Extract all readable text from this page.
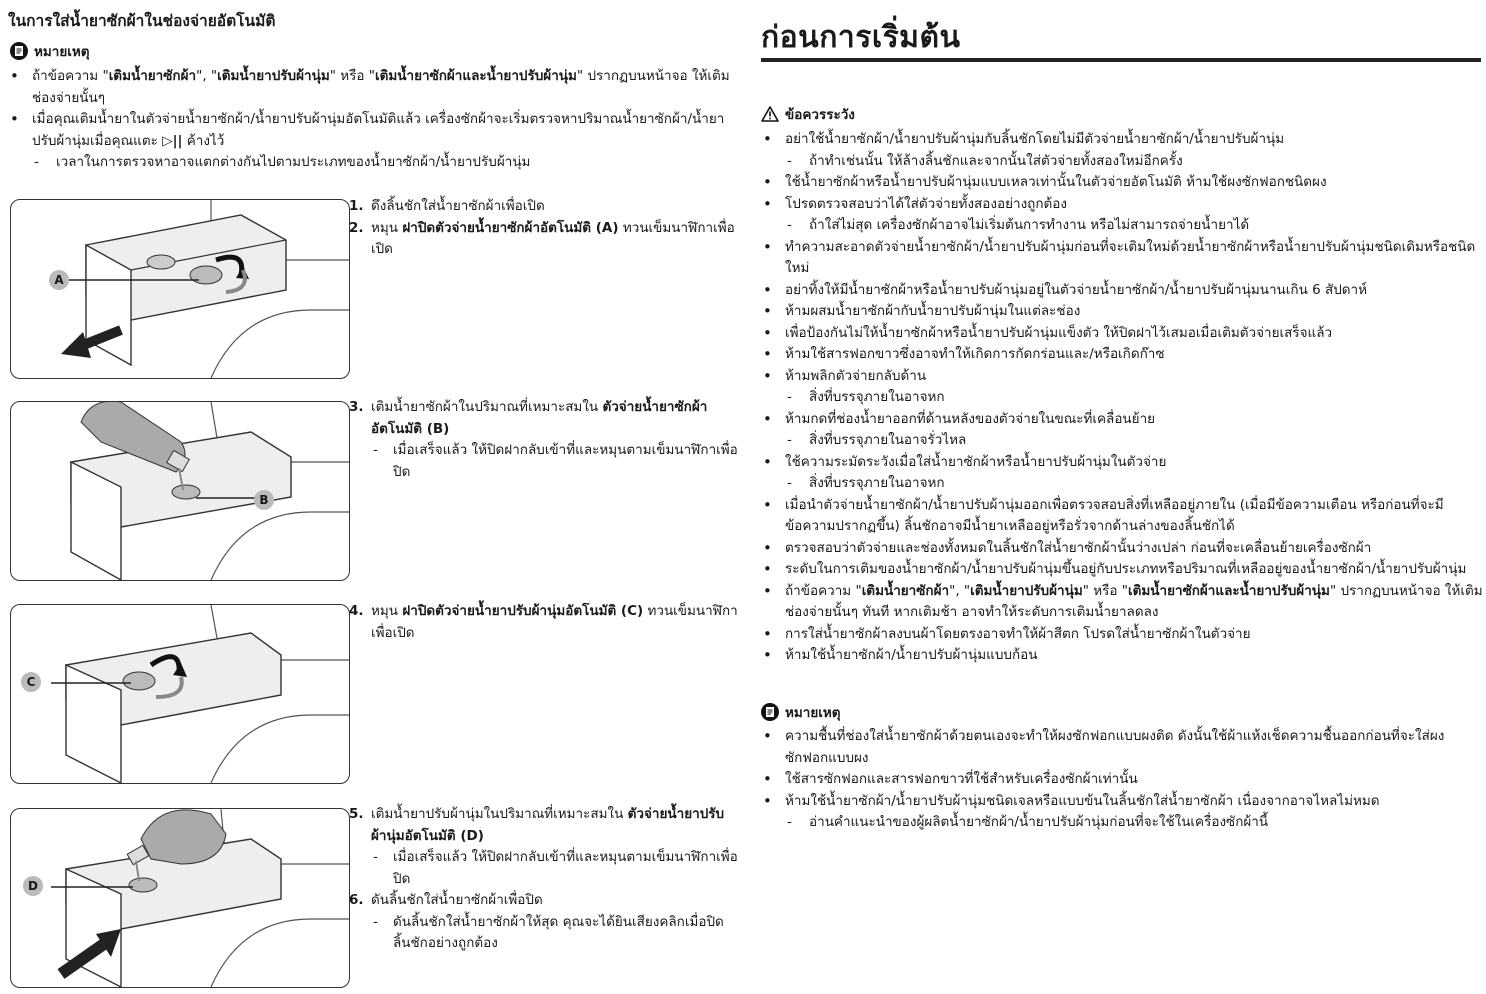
ในการใส่น้ำยาซักผ้าในช่องจ่ายอัตโนมัติ
หมายเหตุ
• ถ้าข้อความ "เติมน้ำยาซักผ้า", "เติมน้ำยาปรับผ้านุ่ม" หรือ "เติมน้ำยาซักผ้าและน้ำยาปรับผ้านุ่ม" ปรากฏบนหน้าจอ ให้เติมช่องจ่ายนั้นๆ
• เมื่อคุณเติมน้ำยาในตัวจ่ายน้ำยาซักผ้า/น้ำยาปรับผ้านุ่มอัตโนมัติแล้ว เครื่องซักผ้าจะเริ่มตรวจหาปริมาณน้ำยาซักผ้า/น้ำยาปรับผ้านุ่มเมื่อคุณแตะ ▷|| ค้างไว้
- เวลาในการตรวจหาอาจแตกต่างกันไปตามประเภทของน้ำยาซักผ้า/น้ำยาปรับผ้านุ่ม
A
B
C
D
1. ดึงลิ้นชักใส่น้ำยาซักผ้าเพื่อเปิด
2. หมุน ฝาปิดตัวจ่ายน้ำยาซักผ้าอัตโนมัติ (A) ทวนเข็มนาฬิกาเพื่อเปิด
3. เติมน้ำยาซักผ้าในปริมาณที่เหมาะสมใน ตัวจ่ายน้ำยาซักผ้าอัตโนมัติ (B)
- เมื่อเสร็จแล้ว ให้ปิดฝากลับเข้าที่และหมุนตามเข็มนาฬิกาเพื่อปิด
4. หมุน ฝาปิดตัวจ่ายน้ำยาปรับผ้านุ่มอัตโนมัติ (C) ทวนเข็มนาฬิกาเพื่อเปิด
5. เติมน้ำยาปรับผ้านุ่มในปริมาณที่เหมาะสมใน ตัวจ่ายน้ำยาปรับผ้านุ่มอัตโนมัติ (D)
- เมื่อเสร็จแล้ว ให้ปิดฝากลับเข้าที่และหมุนตามเข็มนาฬิกาเพื่อปิด
6. ดันลิ้นชักใส่น้ำยาซักผ้าเพื่อปิด
- ดันลิ้นชักใส่น้ำยาซักผ้าให้สุด คุณจะได้ยินเสียงคลิกเมื่อปิดลิ้นชักอย่างถูกต้อง
ก่อนการเริ่มต้น
ข้อควรระวัง
• อย่าใช้น้ำยาซักผ้า/น้ำยาปรับผ้านุ่มกับลิ้นชักโดยไม่มีตัวจ่ายน้ำยาซักผ้า/น้ำยาปรับผ้านุ่ม
- ถ้าทำเช่นนั้น ให้ล้างลิ้นชักและจากนั้นใส่ตัวจ่ายทั้งสองใหม่อีกครั้ง
• ใช้น้ำยาซักผ้าหรือน้ำยาปรับผ้านุ่มแบบเหลวเท่านั้นในตัวจ่ายอัตโนมัติ ห้ามใช้ผงซักฟอกชนิดผง
• โปรดตรวจสอบว่าได้ใส่ตัวจ่ายทั้งสองอย่างถูกต้อง
- ถ้าใส่ไม่สุด เครื่องซักผ้าอาจไม่เริ่มต้นการทำงาน หรือไม่สามารถจ่ายน้ำยาได้
• ทำความสะอาดตัวจ่ายน้ำยาซักผ้า/น้ำยาปรับผ้านุ่มก่อนที่จะเติมใหม่ด้วยน้ำยาซักผ้าหรือน้ำยาปรับผ้านุ่มชนิดเดิมหรือชนิดใหม่
• อย่าทิ้งให้มีน้ำยาซักผ้าหรือน้ำยาปรับผ้านุ่มอยู่ในตัวจ่ายน้ำยาซักผ้า/น้ำยาปรับผ้านุ่มนานเกิน 6 สัปดาห์
• ห้ามผสมน้ำยาซักผ้ากับน้ำยาปรับผ้านุ่มในแต่ละช่อง
• เพื่อป้องกันไม่ให้น้ำยาซักผ้าหรือน้ำยาปรับผ้านุ่มแข็งตัว ให้ปิดฝาไว้เสมอเมื่อเติมตัวจ่ายเสร็จแล้ว
• ห้ามใช้สารฟอกขาวซึ่งอาจทำให้เกิดการกัดกร่อนและ/หรือเกิดก๊าซ
• ห้ามพลิกตัวจ่ายกลับด้าน
- สิ่งที่บรรจุภายในอาจหก
• ห้ามกดที่ช่องน้ำยาออกที่ด้านหลังของตัวจ่ายในขณะที่เคลื่อนย้าย
- สิ่งที่บรรจุภายในอาจรั่วไหล
• ใช้ความระมัดระวังเมื่อใส่น้ำยาซักผ้าหรือน้ำยาปรับผ้านุ่มในตัวจ่าย
- สิ่งที่บรรจุภายในอาจหก
• เมื่อนำตัวจ่ายน้ำยาซักผ้า/น้ำยาปรับผ้านุ่มออกเพื่อตรวจสอบสิ่งที่เหลืออยู่ภายใน (เมื่อมีข้อความเตือน หรือก่อนที่จะมีข้อความปรากฏขึ้น) ลิ้นชักอาจมีน้ำยาเหลืออยู่หรือรั่วจากด้านล่างของลิ้นชักได้
• ตรวจสอบว่าตัวจ่ายและช่องทั้งหมดในลิ้นชักใส่น้ำยาซักผ้านั้นว่างเปล่า ก่อนที่จะเคลื่อนย้ายเครื่องซักผ้า
• ระดับในการเติมของน้ำยาซักผ้า/น้ำยาปรับผ้านุ่มขึ้นอยู่กับประเภทหรือปริมาณที่เหลืออยู่ของน้ำยาซักผ้า/น้ำยาปรับผ้านุ่ม
• ถ้าข้อความ "เติมน้ำยาซักผ้า", "เติมน้ำยาปรับผ้านุ่ม" หรือ "เติมน้ำยาซักผ้าและน้ำยาปรับผ้านุ่ม" ปรากฏบนหน้าจอ ให้เติมช่องจ่ายนั้นๆ ทันที หากเติมช้า อาจทำให้ระดับการเติมน้ำยาลดลง
• การใส่น้ำยาซักผ้าลงบนผ้าโดยตรงอาจทำให้ผ้าสีตก โปรดใส่น้ำยาซักผ้าในตัวจ่าย
• ห้ามใช้น้ำยาซักผ้า/น้ำยาปรับผ้านุ่มแบบก้อน
หมายเหตุ
• ความชื้นที่ช่องใส่น้ำยาซักผ้าด้วยตนเองจะทำให้ผงซักฟอกแบบผงติด ดังนั้นใช้ผ้าแห้งเช็ดความชื้นออกก่อนที่จะใส่ผงซักฟอกแบบผง
• ใช้สารซักฟอกและสารฟอกขาวที่ใช้สำหรับเครื่องซักผ้าเท่านั้น
• ห้ามใช้น้ำยาซักผ้า/น้ำยาปรับผ้านุ่มชนิดเจลหรือแบบข้นในลิ้นชักใส่น้ำยาซักผ้า เนื่องจากอาจไหลไม่หมด
- อ่านคำแนะนำของผู้ผลิตน้ำยาซักผ้า/น้ำยาปรับผ้านุ่มก่อนที่จะใช้ในเครื่องซักผ้านี้
